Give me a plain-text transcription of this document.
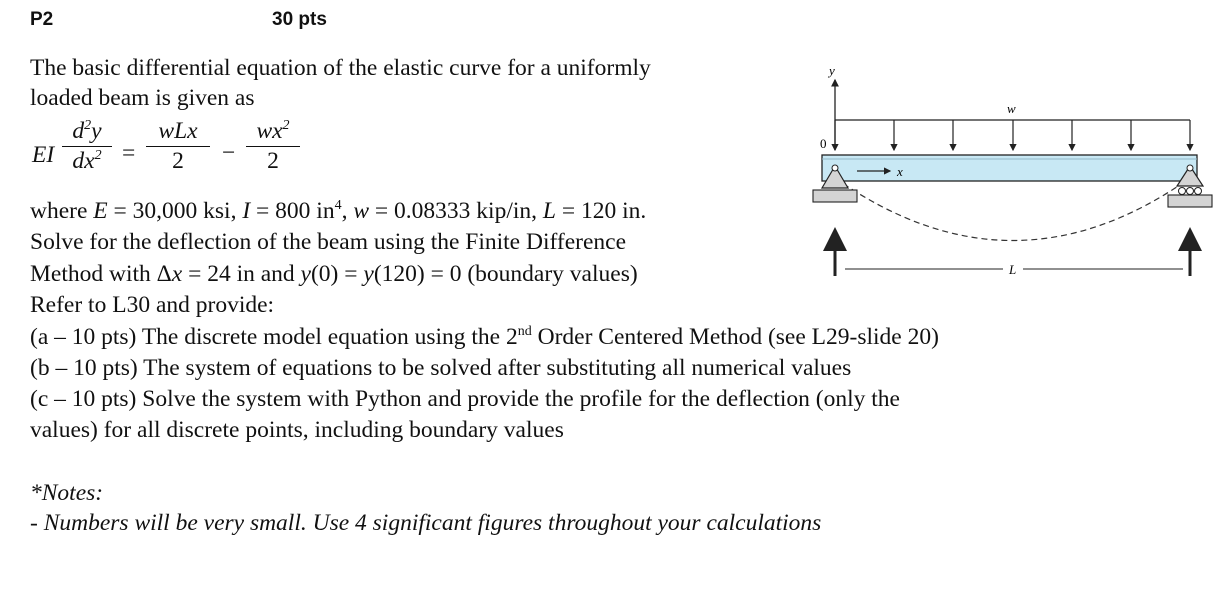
P2	30 pts
The basic differential equation of the elastic curve for a uniformly
loaded beam is given as
EI
$d^2y$
$dx^2$ =
wLx
2	−
$wx^2$
2
where E = 30,000 ksi, I = 800 $in^4$, w = 0.08333 kip/in, L = 120 in.
Solve for the deflection of the beam using the Finite Difference
Method with Δx = 24 in and y(0) = y(120) = 0 (boundary values)
Refer to L30 and provide:
(a – 10 pts) The discrete model equation using the 2nd Order Centered Method (see L29-slide 20)
(b – 10 pts) The system of equations to be solved after substituting all numerical values
(c – 10 pts) Solve the system with Python and provide the profile for the deflection (only the
values) for all discrete points, including boundary values
*Notes:
- Numbers will be very small. Use 4 significant figures throughout your calculations
y
0
w
x
L
